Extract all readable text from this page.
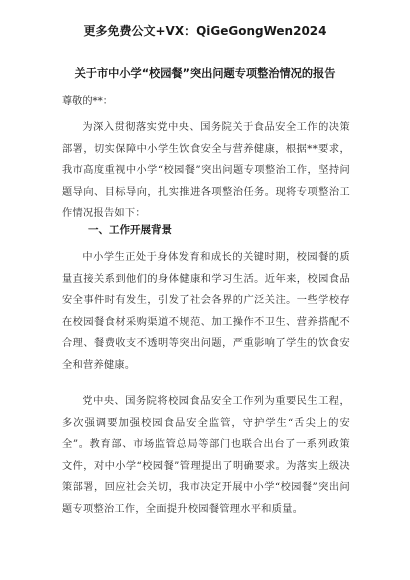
更多免费公文+VX：QiGeGongWen2024
关于市中小学“校园餐”突出问题专项整治情况的报告
尊敬的**：

为深入贯彻落实党中央、国务院关于食品安全工作的决策部署，切实保障中小学生饮食安全与营养健康，根据**要求，我市高度重视中小学“校园餐”突出问题专项整治工作，坚持问题导向、目标导向，扎实推进各项整治任务。现将专项整治工作情况报告如下：

一、工作开展背景

中小学生正处于身体发育和成长的关键时期，校园餐的质量直接关系到他们的身体健康和学习生活。近年来，校园食品安全事件时有发生，引发了社会各界的广泛关注。一些学校存在校园餐食材采购渠道不规范、加工操作不卫生、营养搭配不合理、餐费收支不透明等突出问题，严重影响了学生的饮食安全和营养健康。

党中央、国务院将校园食品安全工作列为重要民生工程，多次强调要加强校园食品安全监管，守护学生“舌尖上的安全”。教育部、市场监管总局等部门也联合出台了一系列政策文件，对中小学“校园餐”管理提出了明确要求。为落实上级决策部署，回应社会关切，我市决定开展中小学“校园餐”突出问题专项整治工作，全面提升校园餐管理水平和质量。
